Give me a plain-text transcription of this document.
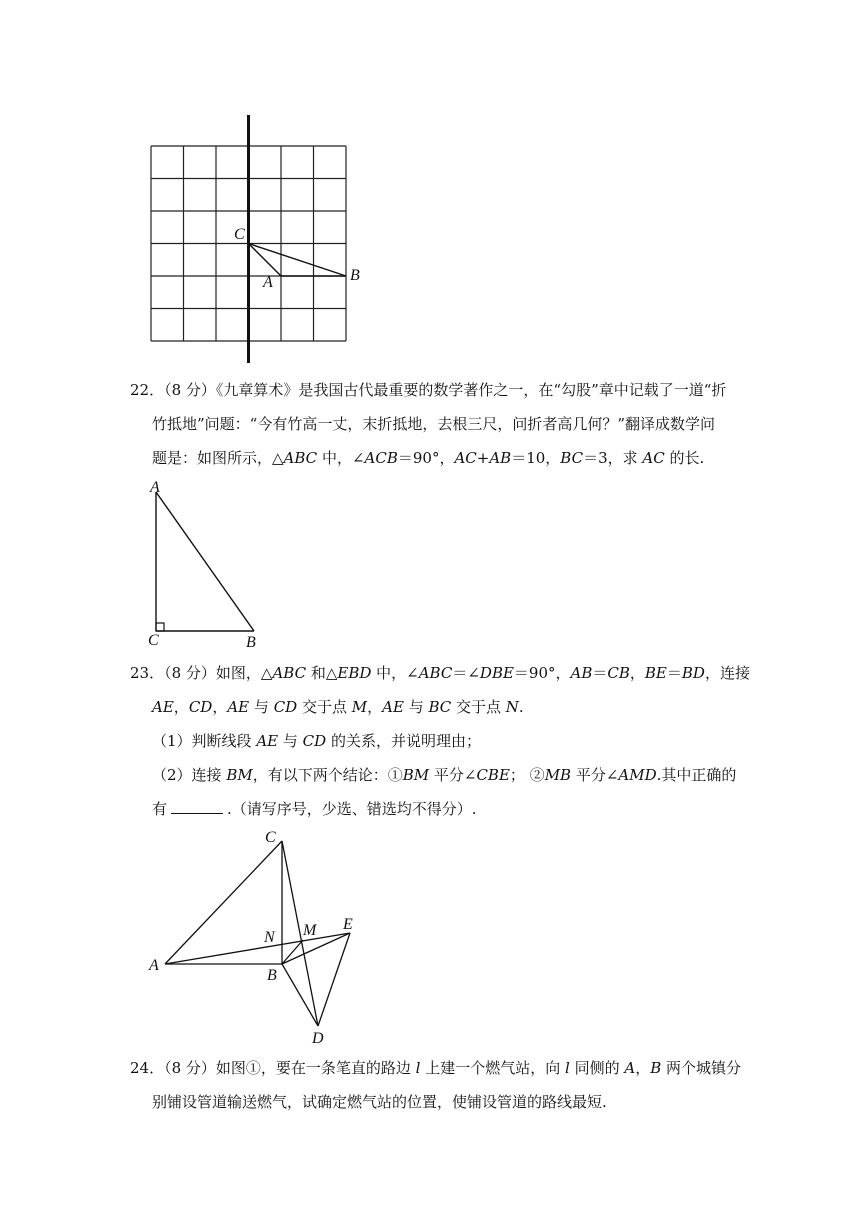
C
A	B

22．（8 分）《九章算术》是我国古代最重要的数学著作之一，在“勾股”章中记载了一道“折

竹抵地”问题：“今有竹高一丈，末折抵地，去根三尺，问折者高几何？”翻译成数学问

题是：如图所示，△ABC 中，∠ACB＝90°，AC+AB＝10，BC＝3，求 AC 的长.

A
C	B

23．（8 分）如图，△ABC 和△EBD 中，∠ABC＝∠DBE＝90°，AB＝CB，BE＝BD，连接

AE，CD，AE 与 CD 交于点 M，AE 与 BC 交于点 N.

（1）判断线段 AE 与 CD 的关系，并说明理由；

（2）连接 BM，有以下两个结论：①BM 平分∠CBE； ②MB 平分∠AMD.其中正确的

有	.（请写序号，少选、错选均不得分）.

C
N M E
A
B
D

24．（8 分）如图①，要在一条笔直的路边 l 上建一个燃气站，向 l 同侧的 A，B 两个城镇分

别铺设管道输送燃气，试确定燃气站的位置，使铺设管道的路线最短.
